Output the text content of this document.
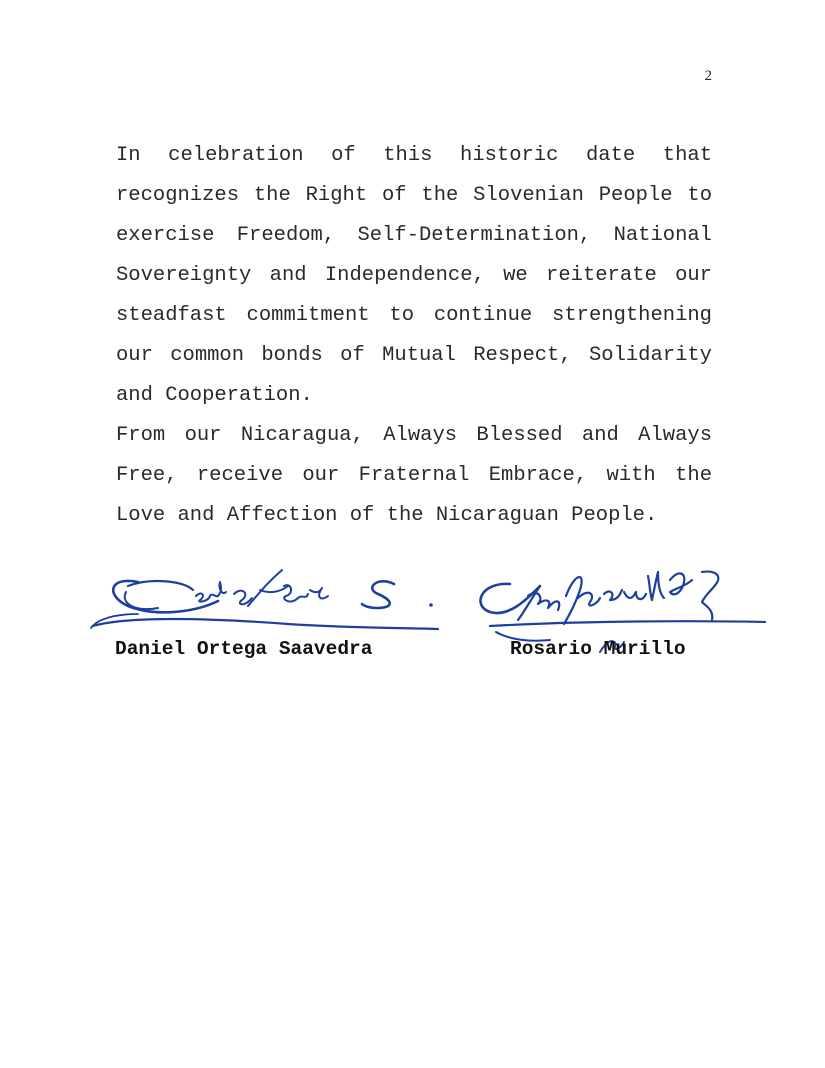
2

In celebration of this historic date that recognizes the Right of the Slovenian People to exercise Freedom, Self-Determination, National Sovereignty and Independence, we reiterate our steadfast commitment to continue strengthening our common bonds of Mutual Respect, Solidarity and Cooperation.

From our Nicaragua, Always Blessed and Always Free, receive our Fraternal Embrace, with the Love and Affection of the Nicaraguan People.

Daniel Ortega Saavedra	Rosario Murillo
